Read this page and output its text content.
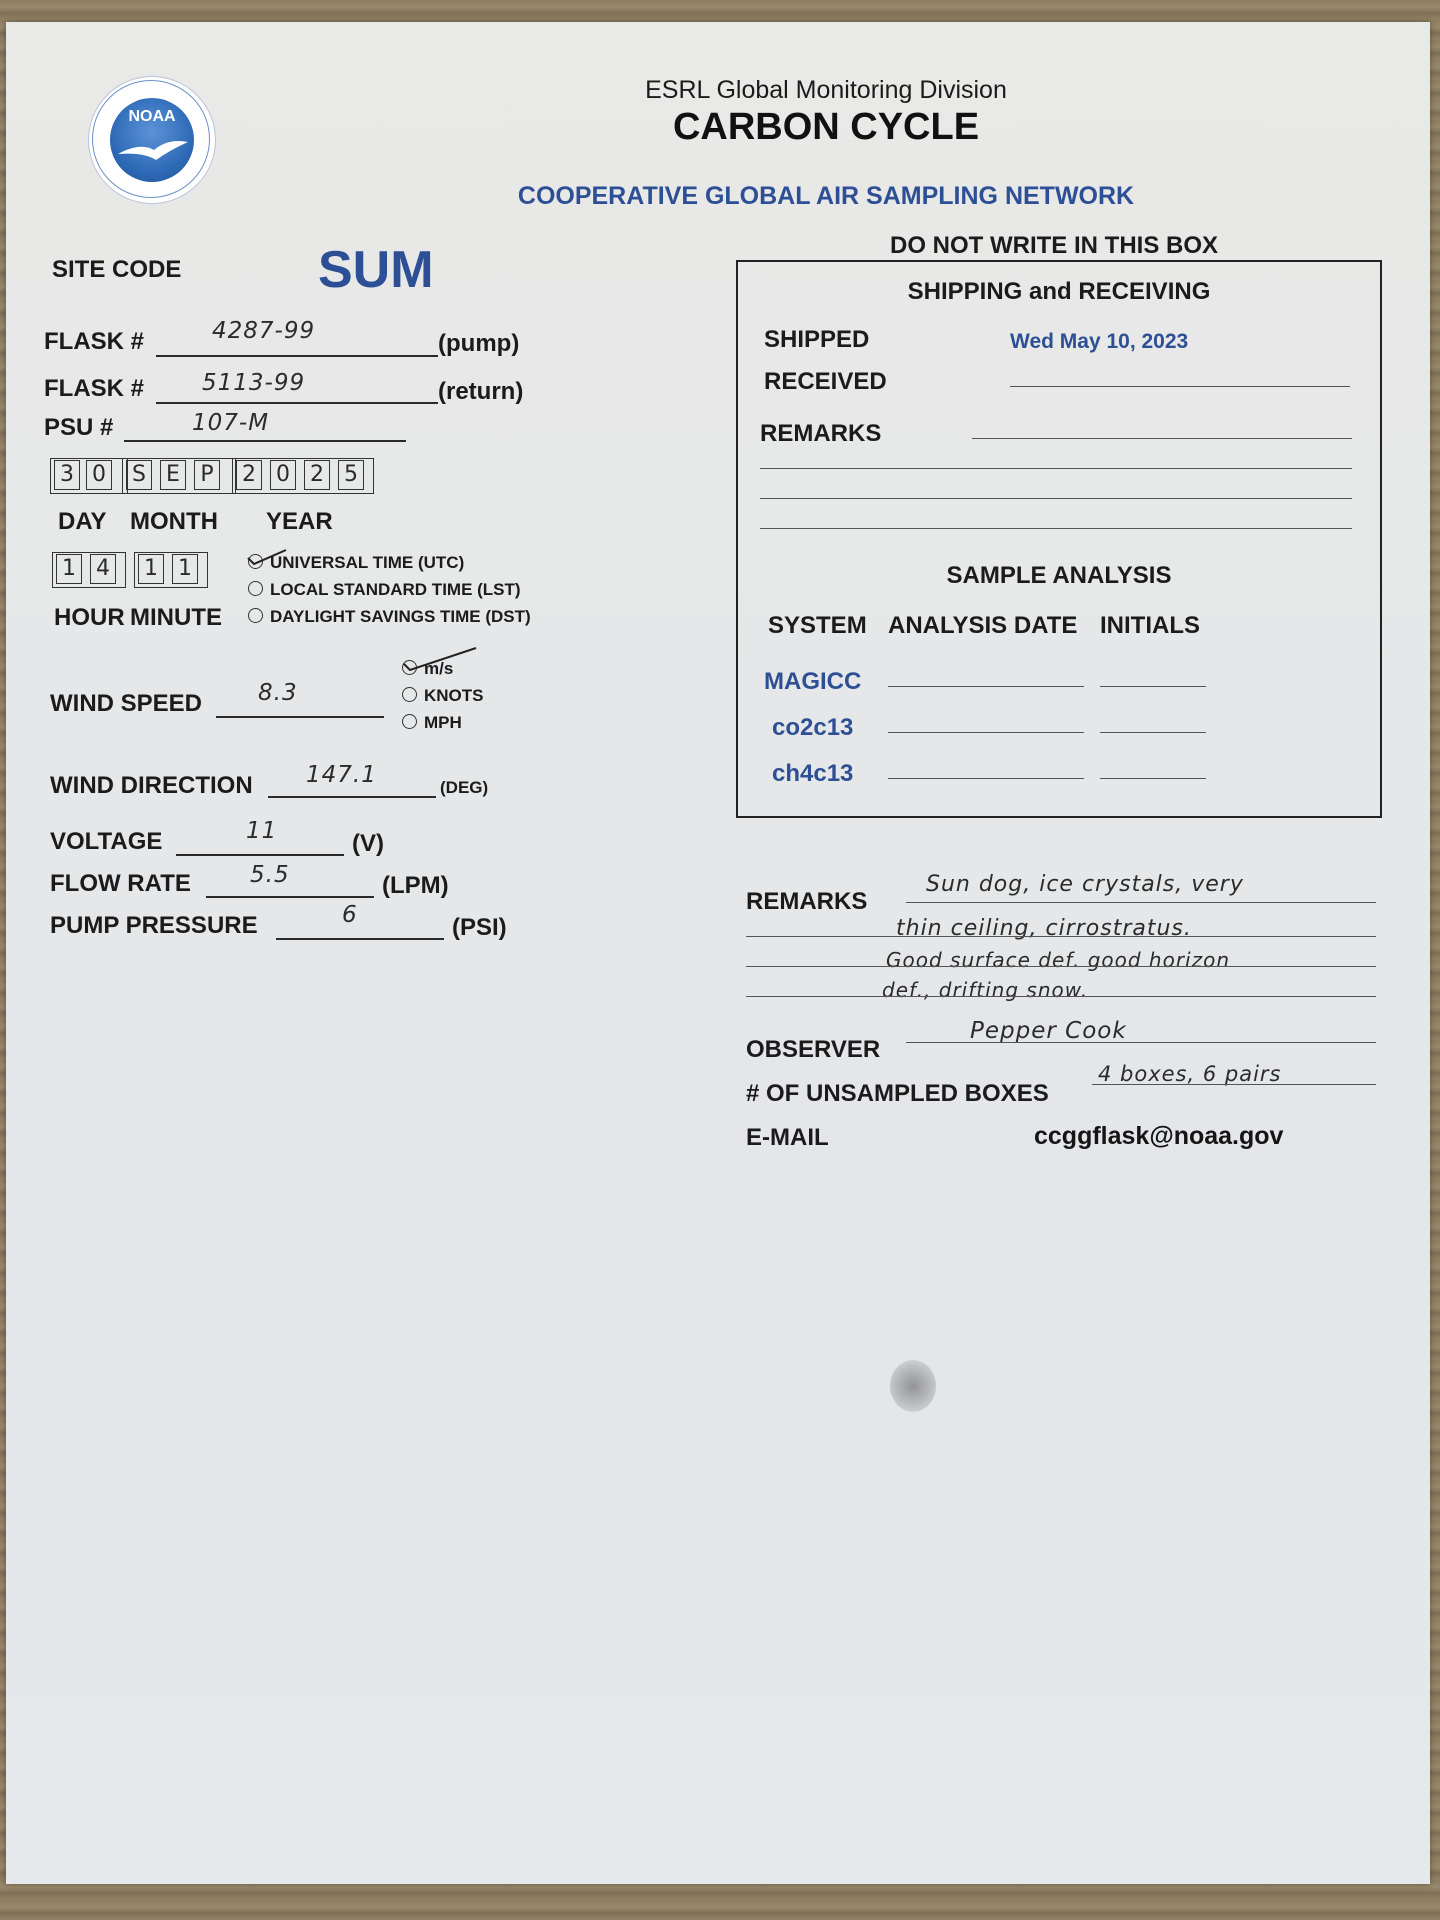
NOAA
ESRL Global Monitoring Division
CARBON CYCLE
COOPERATIVE GLOBAL AIR SAMPLING NETWORK
SITE CODE	SUM
FLASK #	4287-99	(pump)
FLASK #	5113-99	(return)
PSU #	107-M
3 0 S E P 2 0 2 5
DAY MONTH YEAR
1 4 1 1
HOUR MINUTE
UNIVERSAL TIME (UTC)
LOCAL STANDARD TIME (LST)
DAYLIGHT SAVINGS TIME (DST)
WIND SPEED 8.3
m/s
KNOTS
MPH
WIND DIRECTION 147.1	(DEG)
VOLTAGE	11	(V)
FLOW RATE	5.5	(LPM)
PUMP PRESSURE	6	(PSI)
DO NOT WRITE IN THIS BOX
SHIPPING and RECEIVING
SHIPPED	Wed May 10, 2023
RECEIVED
REMARKS
SAMPLE ANALYSIS
SYSTEM ANALYSIS DATE INITIALS
MAGICC
co2c13
ch4c13
REMARKS
Sun dog, ice crystals, very
thin ceiling, cirrostratus.
Good surface def. good horizon
def., drifting snow.
OBSERVER
Pepper Cook
# OF UNSAMPLED BOXES
4 boxes, 6 pairs
E-MAIL	ccggflask@noaa.gov
